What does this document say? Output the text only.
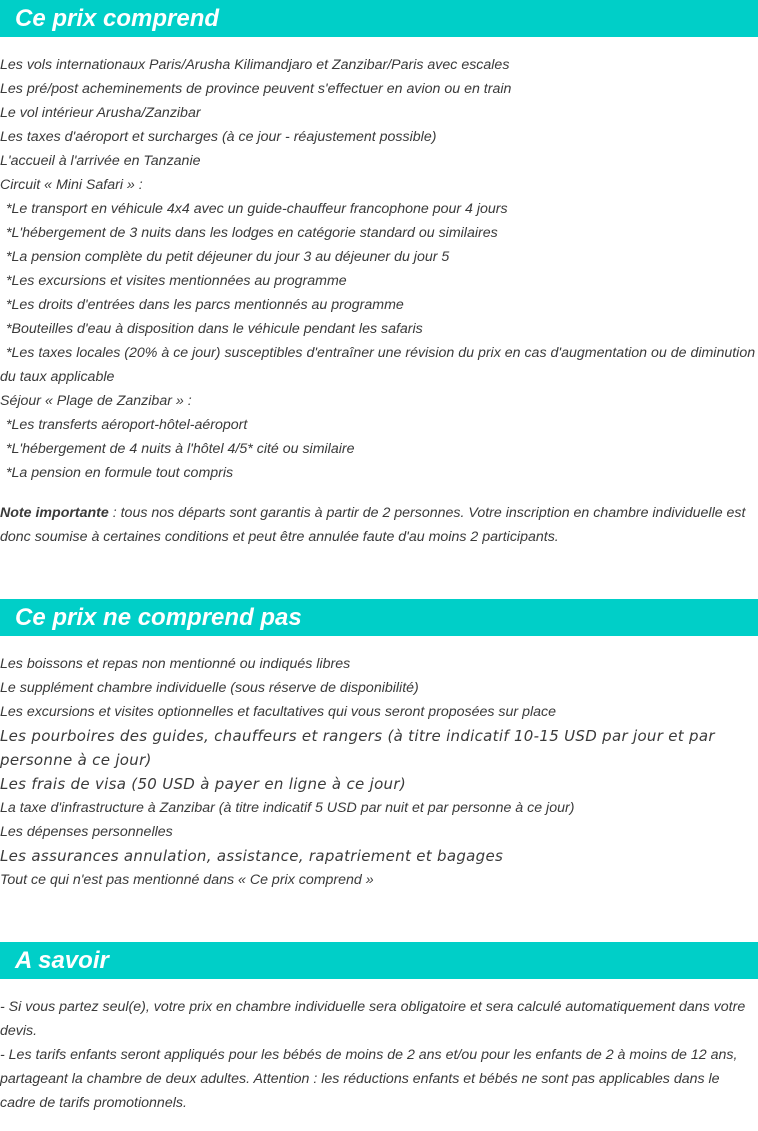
Ce prix comprend
Les vols internationaux Paris/Arusha Kilimandjaro et Zanzibar/Paris avec escales
Les pré/post acheminements de province peuvent s'effectuer en avion ou en train
Le vol intérieur Arusha/Zanzibar
Les taxes d'aéroport et surcharges (à ce jour - réajustement possible)
L'accueil à l'arrivée en Tanzanie
Circuit « Mini Safari » :
*Le transport en véhicule 4x4 avec un guide-chauffeur francophone pour 4 jours
*L'hébergement de 3 nuits dans les lodges en catégorie standard ou similaires
*La pension complète du petit déjeuner du jour 3 au déjeuner du jour 5
*Les excursions et visites mentionnées au programme
*Les droits d'entrées dans les parcs mentionnés au programme
*Bouteilles d'eau à disposition dans le véhicule pendant les safaris
*Les taxes locales (20% à ce jour) susceptibles d'entraîner une révision du prix en cas d'augmentation ou de diminution du taux applicable
Séjour « Plage de Zanzibar » :
*Les transferts aéroport-hôtel-aéroport
*L'hébergement de 4 nuits à l'hôtel 4/5* cité ou similaire
*La pension en formule tout compris
Note importante : tous nos départs sont garantis à partir de 2 personnes. Votre inscription en chambre individuelle est donc soumise à certaines conditions et peut être annulée faute d'au moins 2 participants.
Ce prix ne comprend pas
Les boissons et repas non mentionné ou indiqués libres
Le supplément chambre individuelle (sous réserve de disponibilité)
Les excursions et visites optionnelles et facultatives qui vous seront proposées sur place
Les pourboires des guides, chauffeurs et rangers (à titre indicatif 10-15 USD par jour et par personne à ce jour)
Les frais de visa (50 USD à payer en ligne à ce jour)
La taxe d'infrastructure à Zanzibar (à titre indicatif 5 USD par nuit et par personne à ce jour)
Les dépenses personnelles
Les assurances annulation, assistance, rapatriement et bagages
Tout ce qui n'est pas mentionné dans « Ce prix comprend »
A savoir
- Si vous partez seul(e), votre prix en chambre individuelle sera obligatoire et sera calculé automatiquement dans votre devis.
- Les tarifs enfants seront appliqués pour les bébés de moins de 2 ans et/ou pour les enfants de 2 à moins de 12 ans, partageant la chambre de deux adultes. Attention : les réductions enfants et bébés ne sont pas applicables dans le cadre de tarifs promotionnels.
